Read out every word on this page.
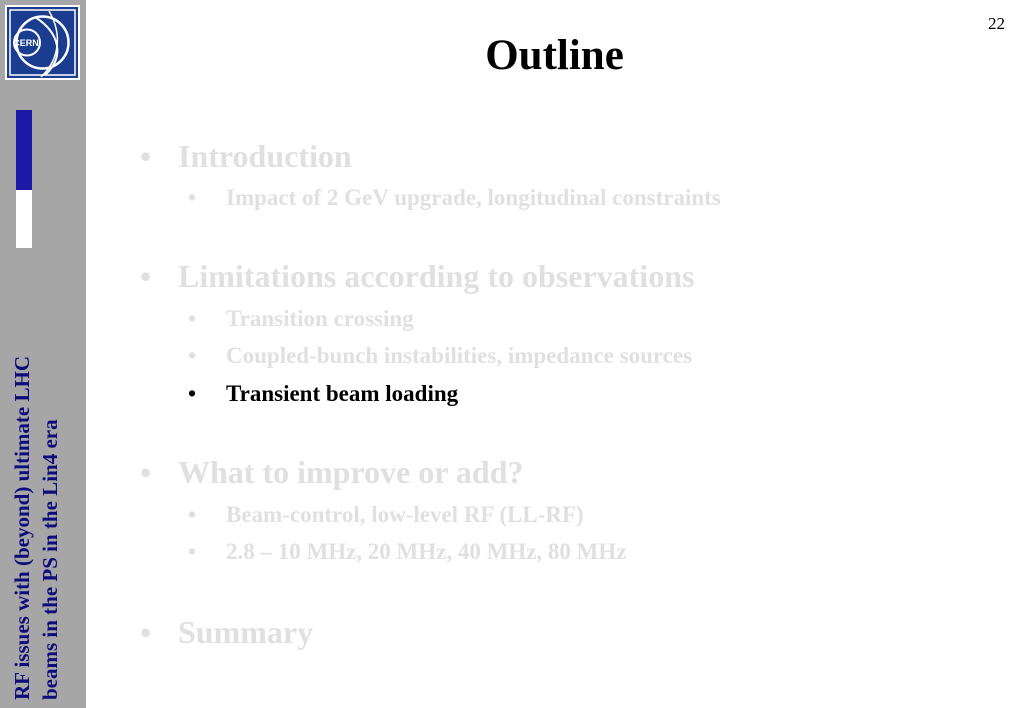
CERN
RF issues with (beyond) ultimate LHC beams in the PS in the Lin4 era
22
Outline
• Introduction
• Impact of 2 GeV upgrade, longitudinal constraints
• Limitations according to observations
• Transition crossing
• Coupled-bunch instabilities, impedance sources
• Transient beam loading
• What to improve or add?
• Beam-control, low-level RF (LL-RF)
• 2.8 – 10 MHz, 20 MHz, 40 MHz, 80 MHz
• Summary
